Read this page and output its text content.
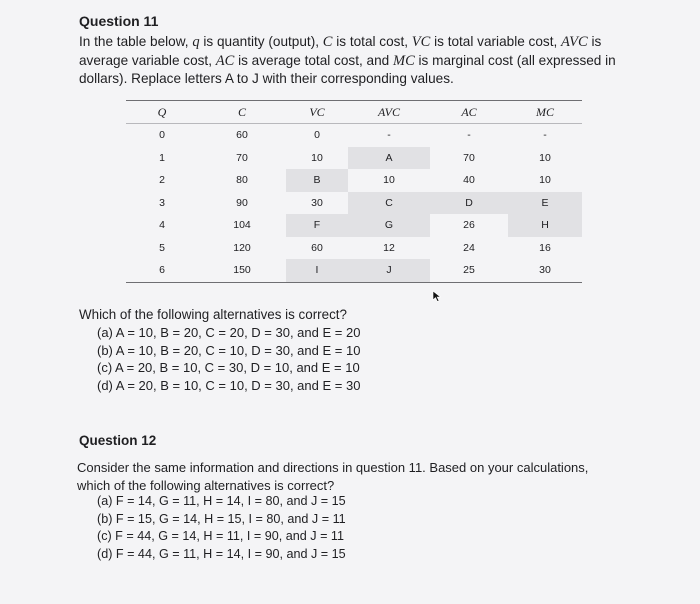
Question 11

In the table below, q is quantity (output), C is total cost, VC is total variable cost, AVC is average variable cost, AC is average total cost, and MC is marginal cost (all expressed in dollars). Replace letters A to J with their corresponding values.

Q	C	VC	AVC	AC	MC
0	60	0	-	-	-
1	70	10	A	70	10
2	80	B	10	40	10
3	90	30	C	D	E
4	104	F	G	26	H
5	120	60	12	24	16
6	150	I	J	25	30

Which of the following alternatives is correct?

(a) A = 10, B = 20, C = 20, D = 30, and E = 20
(b) A = 10, B = 20, C = 10, D = 30, and E = 10
(c) A = 20, B = 10, C = 30, D = 10, and E = 10
(d) A = 20, B = 10, C = 10, D = 30, and E = 30
Question 12

Consider the same information and directions in question 11. Based on your calculations, which of the following alternatives is correct?

(a) F = 14, G = 11, H = 14, I = 80, and J = 15
(b) F = 15, G = 14, H = 15, I = 80, and J = 11
(c) F = 44, G = 14, H = 11, I = 90, and J = 11
(d) F = 44, G = 11, H = 14, I = 90, and J = 15
